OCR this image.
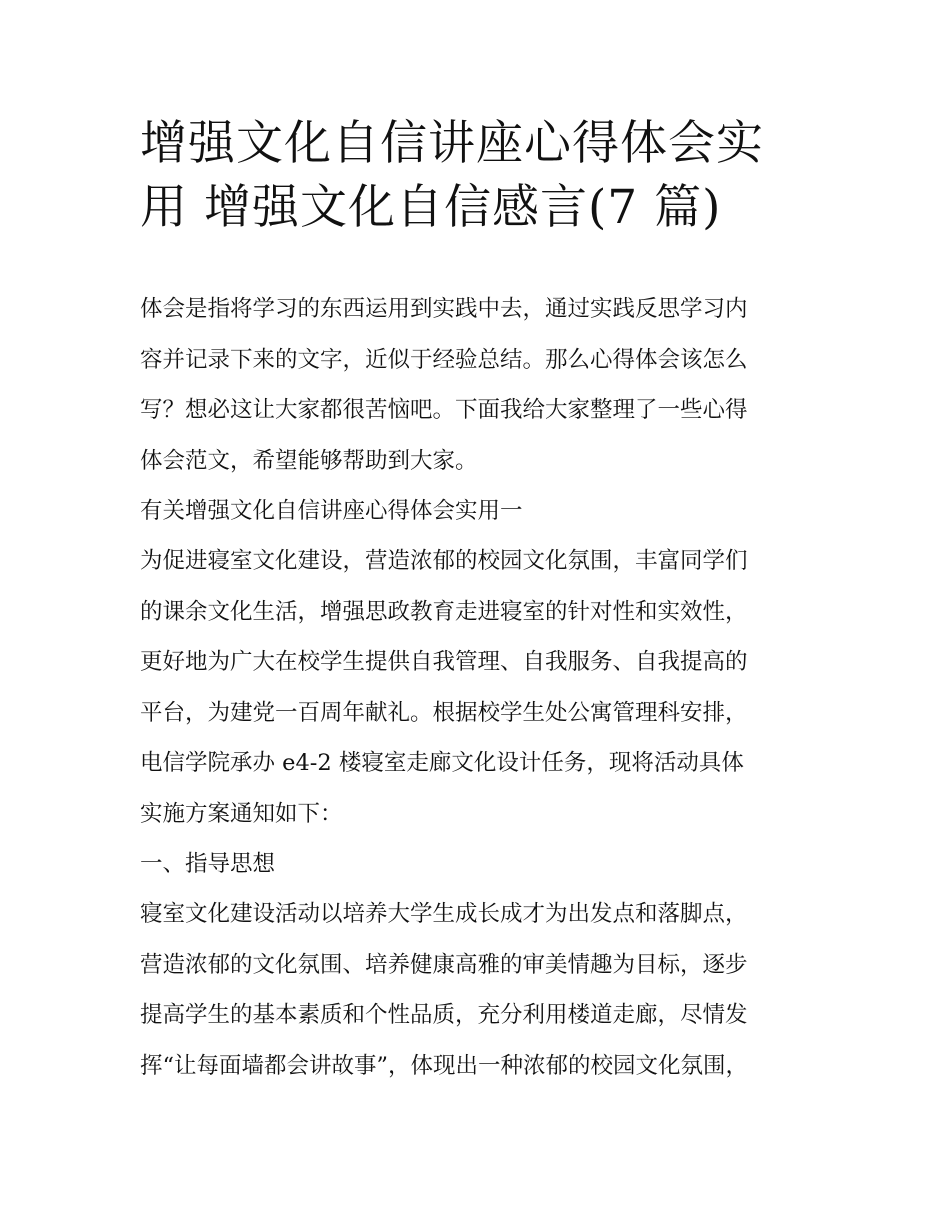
增强文化自信讲座心得体会实
用 增强文化自信感言(7 篇)

体会是指将学习的东西运用到实践中去，通过实践反思学习内
容并记录下来的文字，近似于经验总结。那么心得体会该怎么
写？想必这让大家都很苦恼吧。下面我给大家整理了一些心得
体会范文，希望能够帮助到大家。

有关增强文化自信讲座心得体会实用一

为促进寝室文化建设，营造浓郁的校园文化氛围，丰富同学们
的课余文化生活，增强思政教育走进寝室的针对性和实效性，
更好地为广大在校学生提供自我管理、自我服务、自我提高的
平台，为建党一百周年献礼。根据校学生处公寓管理科安排，
电信学院承办 e4-2 楼寝室走廊文化设计任务，现将活动具体
实施方案通知如下：

一、指导思想

寝室文化建设活动以培养大学生成长成才为出发点和落脚点，
营造浓郁的文化氛围、培养健康高雅的审美情趣为目标，逐步
提高学生的基本素质和个性品质，充分利用楼道走廊，尽情发
挥“让每面墙都会讲故事”，体现出一种浓郁的校园文化氛围，
